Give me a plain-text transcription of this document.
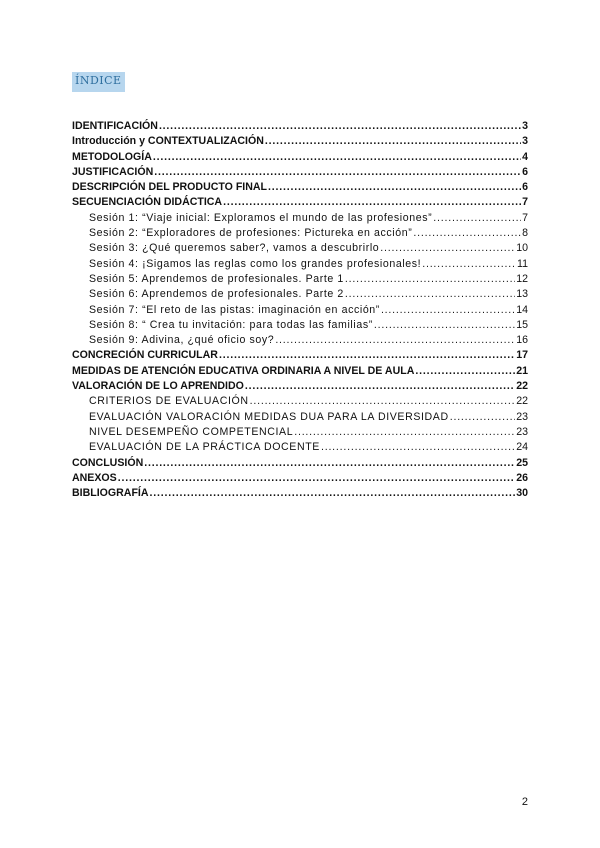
ÍNDICE
IDENTIFICACIÓN .....	3
Introducción y CONTEXTUALIZACIÓN .....	3
METODOLOGÍA .....	4
JUSTIFICACIÓN .....	6
DESCRIPCIÓN DEL PRODUCTO FINAL .....	6
SECUENCIACIÓN DIDÁCTICA .....	7
Sesión 1: “Viaje inicial: Exploramos el mundo de las profesiones” .....	7
Sesión 2: “Exploradores de profesiones: Pictureka en acción” .....	8
Sesión 3: ¿Qué queremos saber?, vamos a descubrirlo .....	10
Sesión 4: ¡Sigamos las reglas como los grandes profesionales! .....	11
Sesión 5: Aprendemos de profesionales. Parte 1 .....	12
Sesión 6: Aprendemos de profesionales. Parte 2 .....	13
Sesión 7: “El reto de las pistas: imaginación en acción” .....	14
Sesión 8: “ Crea tu invitación: para todas las familias” .....	15
Sesión 9: Adivina, ¿qué oficio soy? .....	16
CONCRECIÓN CURRICULAR .....	17
MEDIDAS DE ATENCIÓN EDUCATIVA ORDINARIA A NIVEL DE AULA .....	21
VALORACIÓN DE LO APRENDIDO .....	22
CRITERIOS DE EVALUACIÓN .....	22
EVALUACIÓN VALORACIÓN MEDIDAS DUA PARA LA DIVERSIDAD .....	23
NIVEL DESEMPEÑO COMPETENCIAL .....	23
EVALUACIÓN DE LA PRÁCTICA DOCENTE .....	24
CONCLUSIÓN .....	25
ANEXOS .....	26
BIBLIOGRAFÍA .....	30
2
